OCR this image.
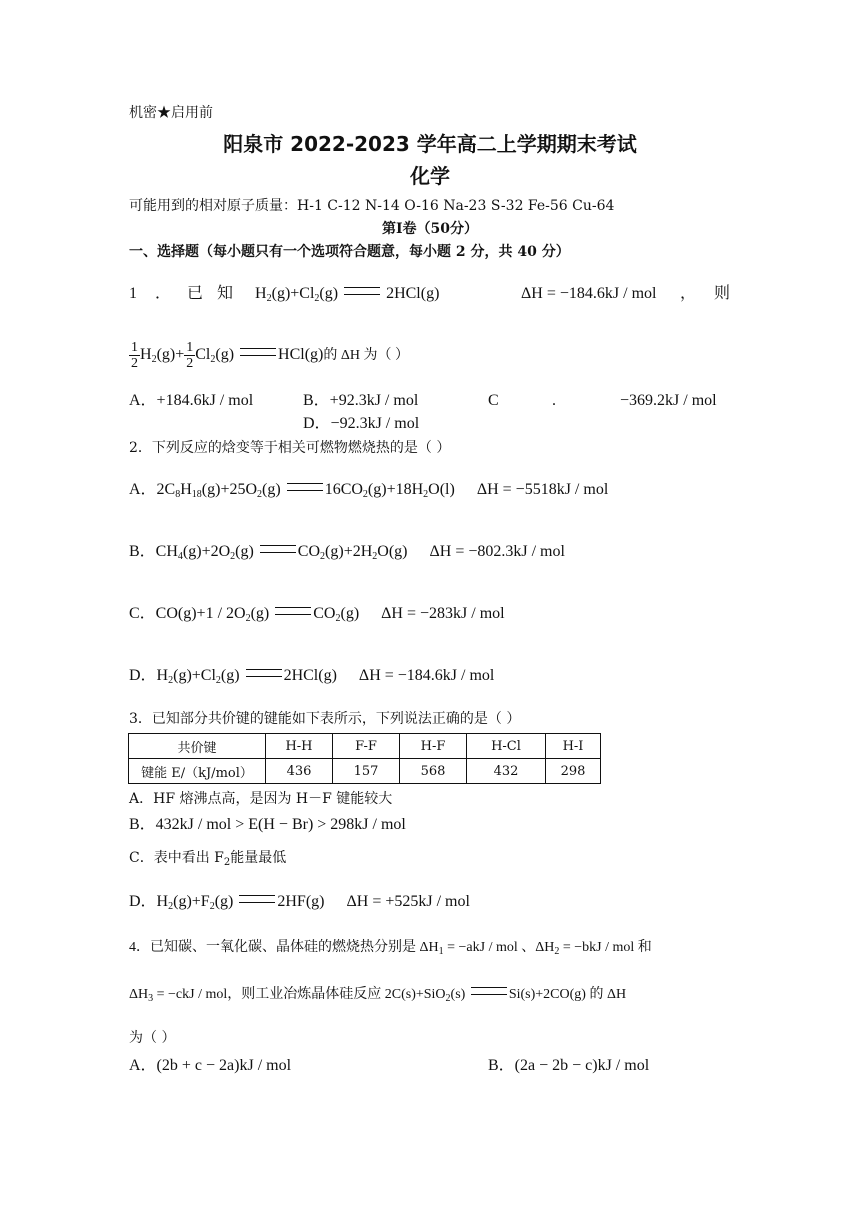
机密★启用前
阳泉市 2022-2023 学年高二上学期期末考试
化学
可能用到的相对原子质量：H-1 C-12 N-14 O-16 Na-23 S-32 Fe-56 Cu-64
第Ⅰ卷（50分）
一、选择题（每小题只有一个选项符合题意，每小题 2 分，共 40 分）
1 ． 已 知 $H_2(g)+Cl_2(g)$	2HCl(g)	ΔH = −184.6kJ / mol ， 则
$\frac{1}{2} H_2(g)+ \frac{1}{2} Cl_2(g)$	HCl(g)的 ΔH 为（ ）
A．+184.6kJ / mol	B．+92.3kJ / mol	C	.	−369.2kJ / mol
D．−92.3kJ / mol
2．下列反应的焓变等于相关可燃物燃烧热的是（ ）
A．$2C_8H_{18}(g)+25O_2(g)$	$16CO_2(g)+18H_2O(l) \Delta H = -5518kJ$ / mol
B．$CH_4(g)+2O_2(g)$	$CO_2(g)+2H_2O(g) \Delta H = -802.3kJ$ / mol
C．$CO(g)+1 / 2O_2(g)$	$CO_2(g) \Delta H = -283kJ$ / mol
D．$H_2(g)+Cl_2(g)$	2HCl(g) ΔH = −184.6kJ / mol
3．已知部分共价键的键能如下表所示，下列说法正确的是（ ）
共价键	H-H	F-F	H-F	H-Cl	H-I
键能 E/（kJ/mol）	436	157	568	432	298
A．HF 熔沸点高，是因为 H－F 键能较大
B．432kJ / mol > E(H − Br) > 298kJ / mol
C．表中看出 $F_2$能量最低
D．$H_2(g)+F_2(g)$	2HF(g) ΔH = +525kJ / mol
4．已知碳、一氧化碳、晶体硅的燃烧热分别是 $\Delta H_1 = -akJ$ / mol 、$\Delta H_2 = -bkJ$ / mol 和
$\Delta H_3 = -ckJ$ / mol，则工业冶炼晶体硅反应 2C(s)+SiO$_2$(s)	Si(s)+2CO(g) 的 ΔH
为（ ）
A．(2b + c − 2a)kJ / mol	B．(2a − 2b − c)kJ / mol
